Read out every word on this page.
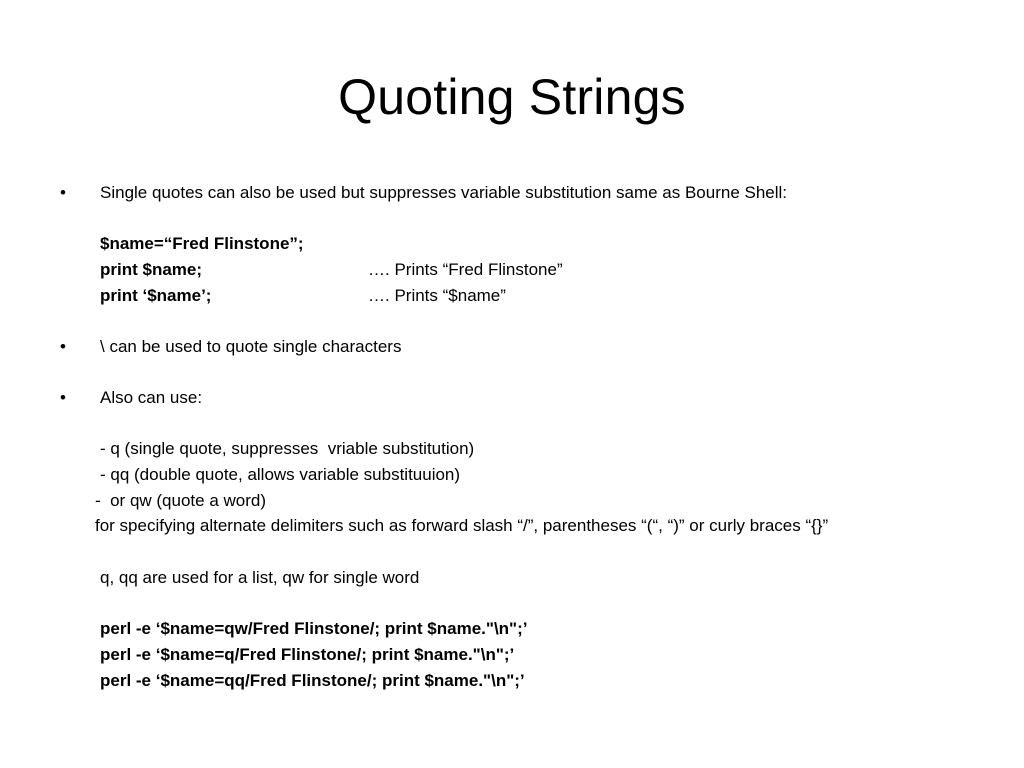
Quoting Strings
• Single quotes can also be used but suppresses variable substitution same as Bourne Shell:
$name=“Fred Flinstone”;
print $name;	…. Prints “Fred Flinstone”
print ‘$name’;	…. Prints “$name”
• \ can be used to quote single characters
• Also can use:
- q (single quote, suppresses  vriable substitution)
- qq (double quote, allows variable substituuion)
-  or qw (quote a word)
for specifying alternate delimiters such as forward slash “/”, parentheses “(“, “)” or curly braces “{}”
q, qq are used for a list, qw for single word
perl -e ‘$name=qw/Fred Flinstone/; print $name."\n";’
perl -e ‘$name=q/Fred Flinstone/; print $name."\n";’
perl -e ‘$name=qq/Fred Flinstone/; print $name."\n";’
